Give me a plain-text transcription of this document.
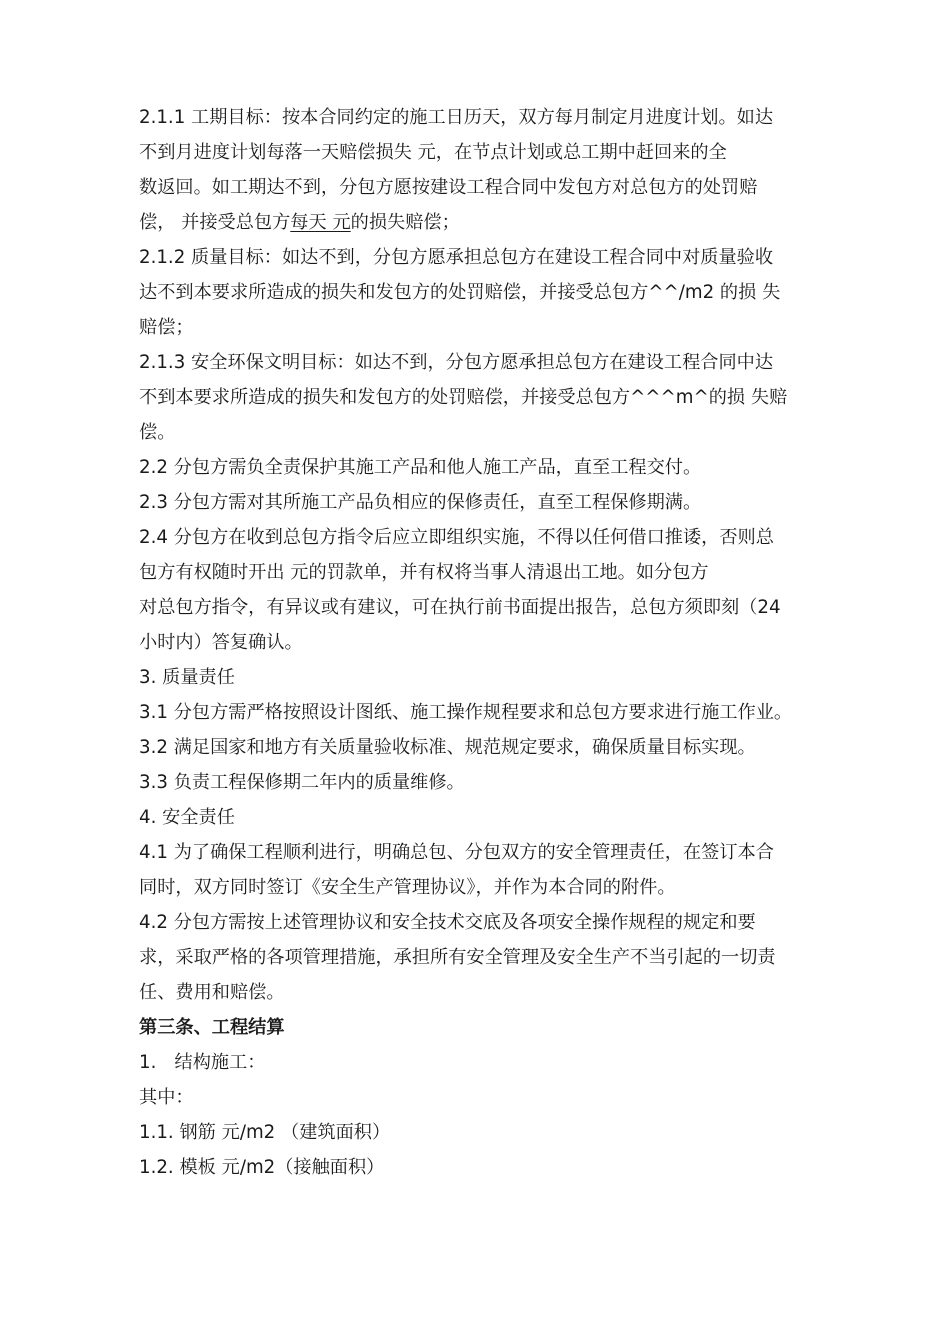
2.1.1 工期目标：按本合同约定的施工日历天，双方每月制定月进度计划。如达
不到月进度计划每落一天赔偿损失 元，在节点计划或总工期中赶回来的全
数返回。如工期达不到，分包方愿按建设工程合同中发包方对总包方的处罚赔
偿， 并接受总包方每天 元的损失赔偿；
2.1.2 质量目标：如达不到，分包方愿承担总包方在建设工程合同中对质量验收
达不到本要求所造成的损失和发包方的处罚赔偿，并接受总包方^^/m2 的损 失
赔偿；
2.1.3 安全环保文明目标：如达不到，分包方愿承担总包方在建设工程合同中达
不到本要求所造成的损失和发包方的处罚赔偿，并接受总包方^^^m^的损 失赔
偿。
2.2 分包方需负全责保护其施工产品和他人施工产品，直至工程交付。
2.3 分包方需对其所施工产品负相应的保修责任，直至工程保修期满。
2.4 分包方在收到总包方指令后应立即组织实施，不得以任何借口推诿，否则总
包方有权随时开出 元的罚款单，并有权将当事人清退出工地。如分包方
对总包方指令，有异议或有建议，可在执行前书面提出报告，总包方须即刻（24
小时内）答复确认。
3. 质量责任
3.1 分包方需严格按照设计图纸、施工操作规程要求和总包方要求进行施工作业。
3.2 满足国家和地方有关质量验收标准、规范规定要求，确保质量目标实现。
3.3 负责工程保修期二年内的质量维修。
4. 安全责任
4.1 为了确保工程顺利进行，明确总包、分包双方的安全管理责任，在签订本合
同时，双方同时签订《安全生产管理协议》，并作为本合同的附件。
4.2 分包方需按上述管理协议和安全技术交底及各项安全操作规程的规定和要
求，采取严格的各项管理措施，承担所有安全管理及安全生产不当引起的一切责
任、费用和赔偿。
第三条、工程结算
1.　结构施工：
其中：
1.1. 钢筋 元/m2 （建筑面积）
1.2. 模板 元/m2（接触面积）
